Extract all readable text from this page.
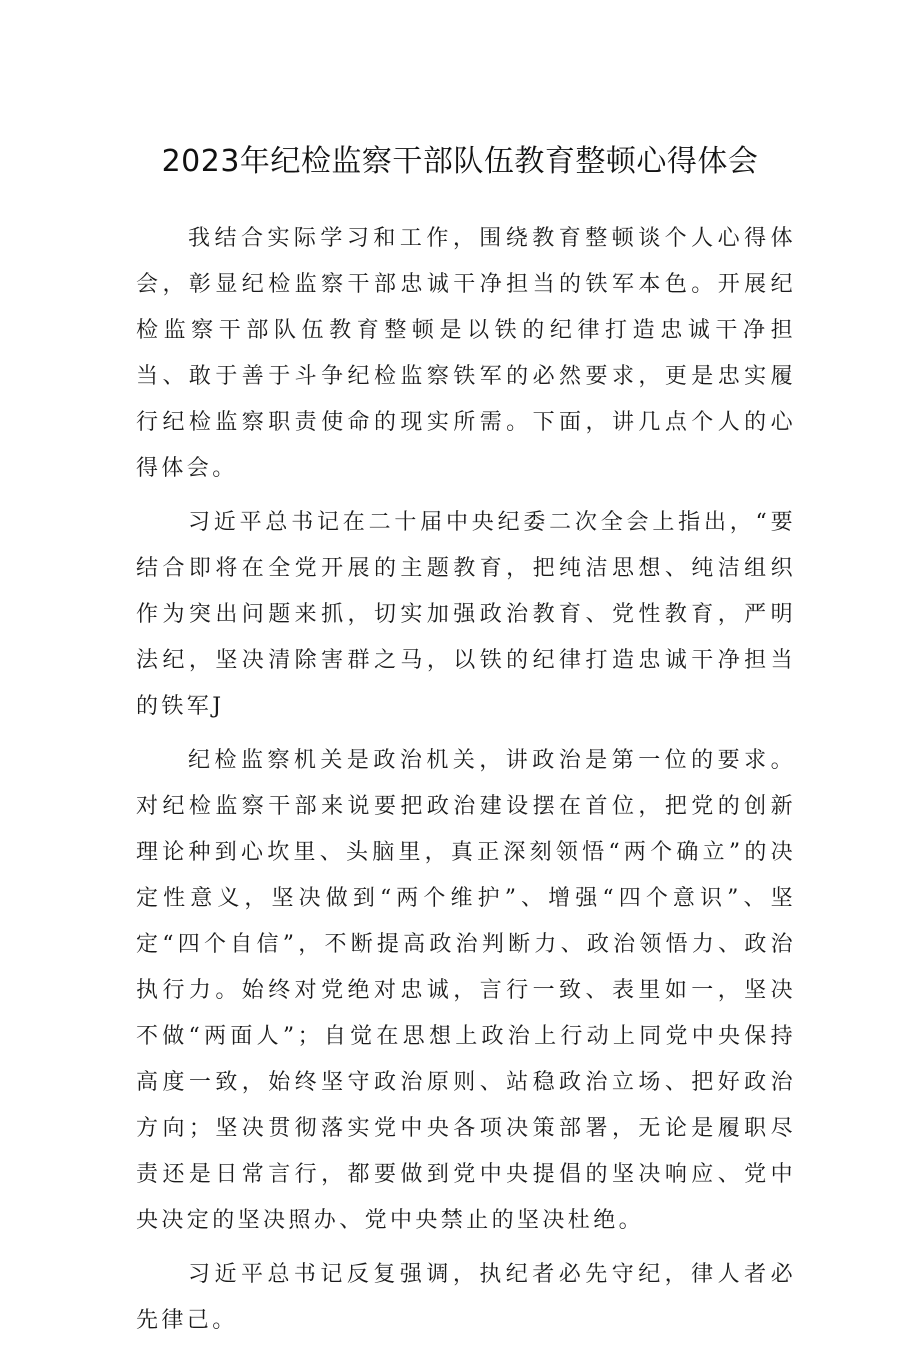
2023年纪检监察干部队伍教育整顿心得体会

我结合实际学习和工作，围绕教育整顿谈个人心得体会，彰显纪检监察干部忠诚干净担当的铁军本色。开展纪检监察干部队伍教育整顿是以铁的纪律打造忠诚干净担当、敢于善于斗争纪检监察铁军的必然要求，更是忠实履行纪检监察职责使命的现实所需。下面，讲几点个人的心得体会。

习近平总书记在二十届中央纪委二次全会上指出，“要结合即将在全党开展的主题教育，把纯洁思想、纯洁组织作为突出问题来抓，切实加强政治教育、党性教育，严明法纪，坚决清除害群之马，以铁的纪律打造忠诚干净担当的铁军J

纪检监察机关是政治机关，讲政治是第一位的要求。对纪检监察干部来说要把政治建设摆在首位，把党的创新理论种到心坎里、头脑里，真正深刻领悟“两个确立”的决定性意义，坚决做到“两个维护”、增强“四个意识”、坚定“四个自信”，不断提高政治判断力、政治领悟力、政治执行力。始终对党绝对忠诚，言行一致、表里如一，坚决不做“两面人”；自觉在思想上政治上行动上同党中央保持高度一致，始终坚守政治原则、站稳政治立场、把好政治方向；坚决贯彻落实党中央各项决策部署，无论是履职尽责还是日常言行，都要做到党中央提倡的坚决响应、党中央决定的坚决照办、党中央禁止的坚决杜绝。

习近平总书记反复强调，执纪者必先守纪，律人者必先律己。
